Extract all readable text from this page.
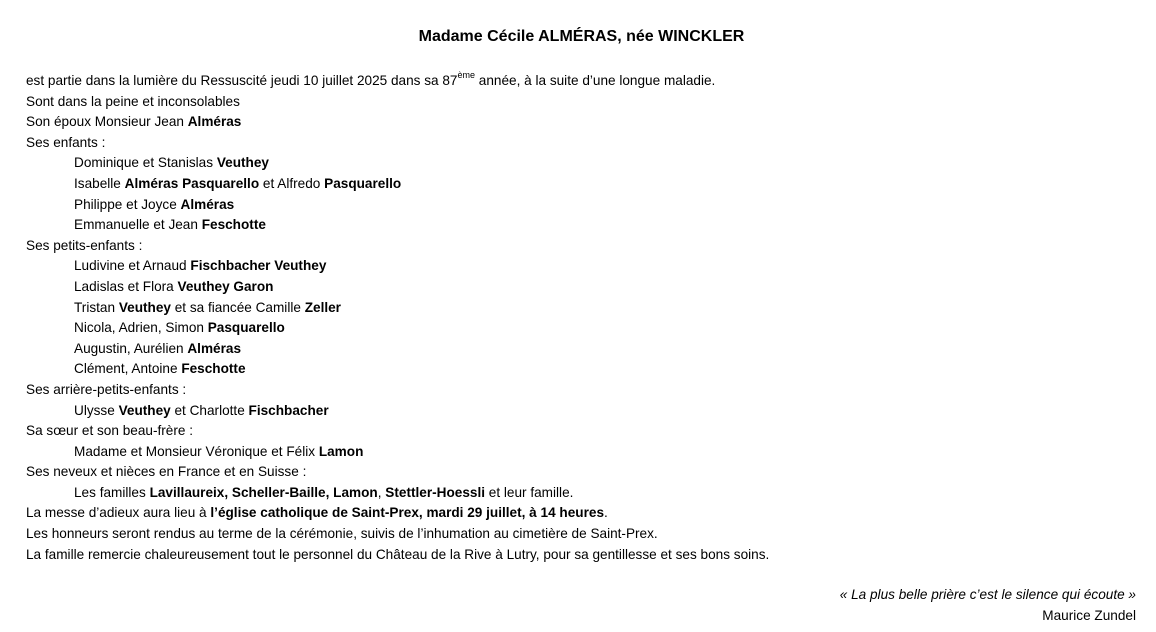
Madame Cécile ALMÉRAS, née WINCKLER
est partie dans la lumière du Ressuscité jeudi 10 juillet 2025 dans sa 87ème année, à la suite d’une longue maladie.
Sont dans la peine et inconsolables
Son époux Monsieur Jean Alméras
Ses enfants :
Dominique et Stanislas Veuthey
Isabelle Alméras Pasquarello et Alfredo Pasquarello
Philippe et Joyce Alméras
Emmanuelle et Jean Feschotte
Ses petits-enfants :
Ludivine et Arnaud Fischbacher Veuthey
Ladislas et Flora Veuthey Garon
Tristan Veuthey et sa fiancée Camille Zeller
Nicola, Adrien, Simon Pasquarello
Augustin, Aurélien Alméras
Clément, Antoine Feschotte
Ses arrière-petits-enfants :
Ulysse Veuthey et Charlotte Fischbacher
Sa sœur et son beau-frère :
Madame et Monsieur Véronique et Félix Lamon
Ses neveux et nièces en France et en Suisse :
Les familles Lavillaureix, Scheller-Baille, Lamon, Stettler-Hoessli et leur famille.
La messe d’adieux aura lieu à l’église catholique de Saint-Prex, mardi 29 juillet, à 14 heures.
Les honneurs seront rendus au terme de la cérémonie, suivis de l’inhumation au cimetière de Saint-Prex.
La famille remercie chaleureusement tout le personnel du Château de la Rive à Lutry, pour sa gentillesse et ses bons soins.
« La plus belle prière c’est le silence qui écoute »
Maurice Zundel
